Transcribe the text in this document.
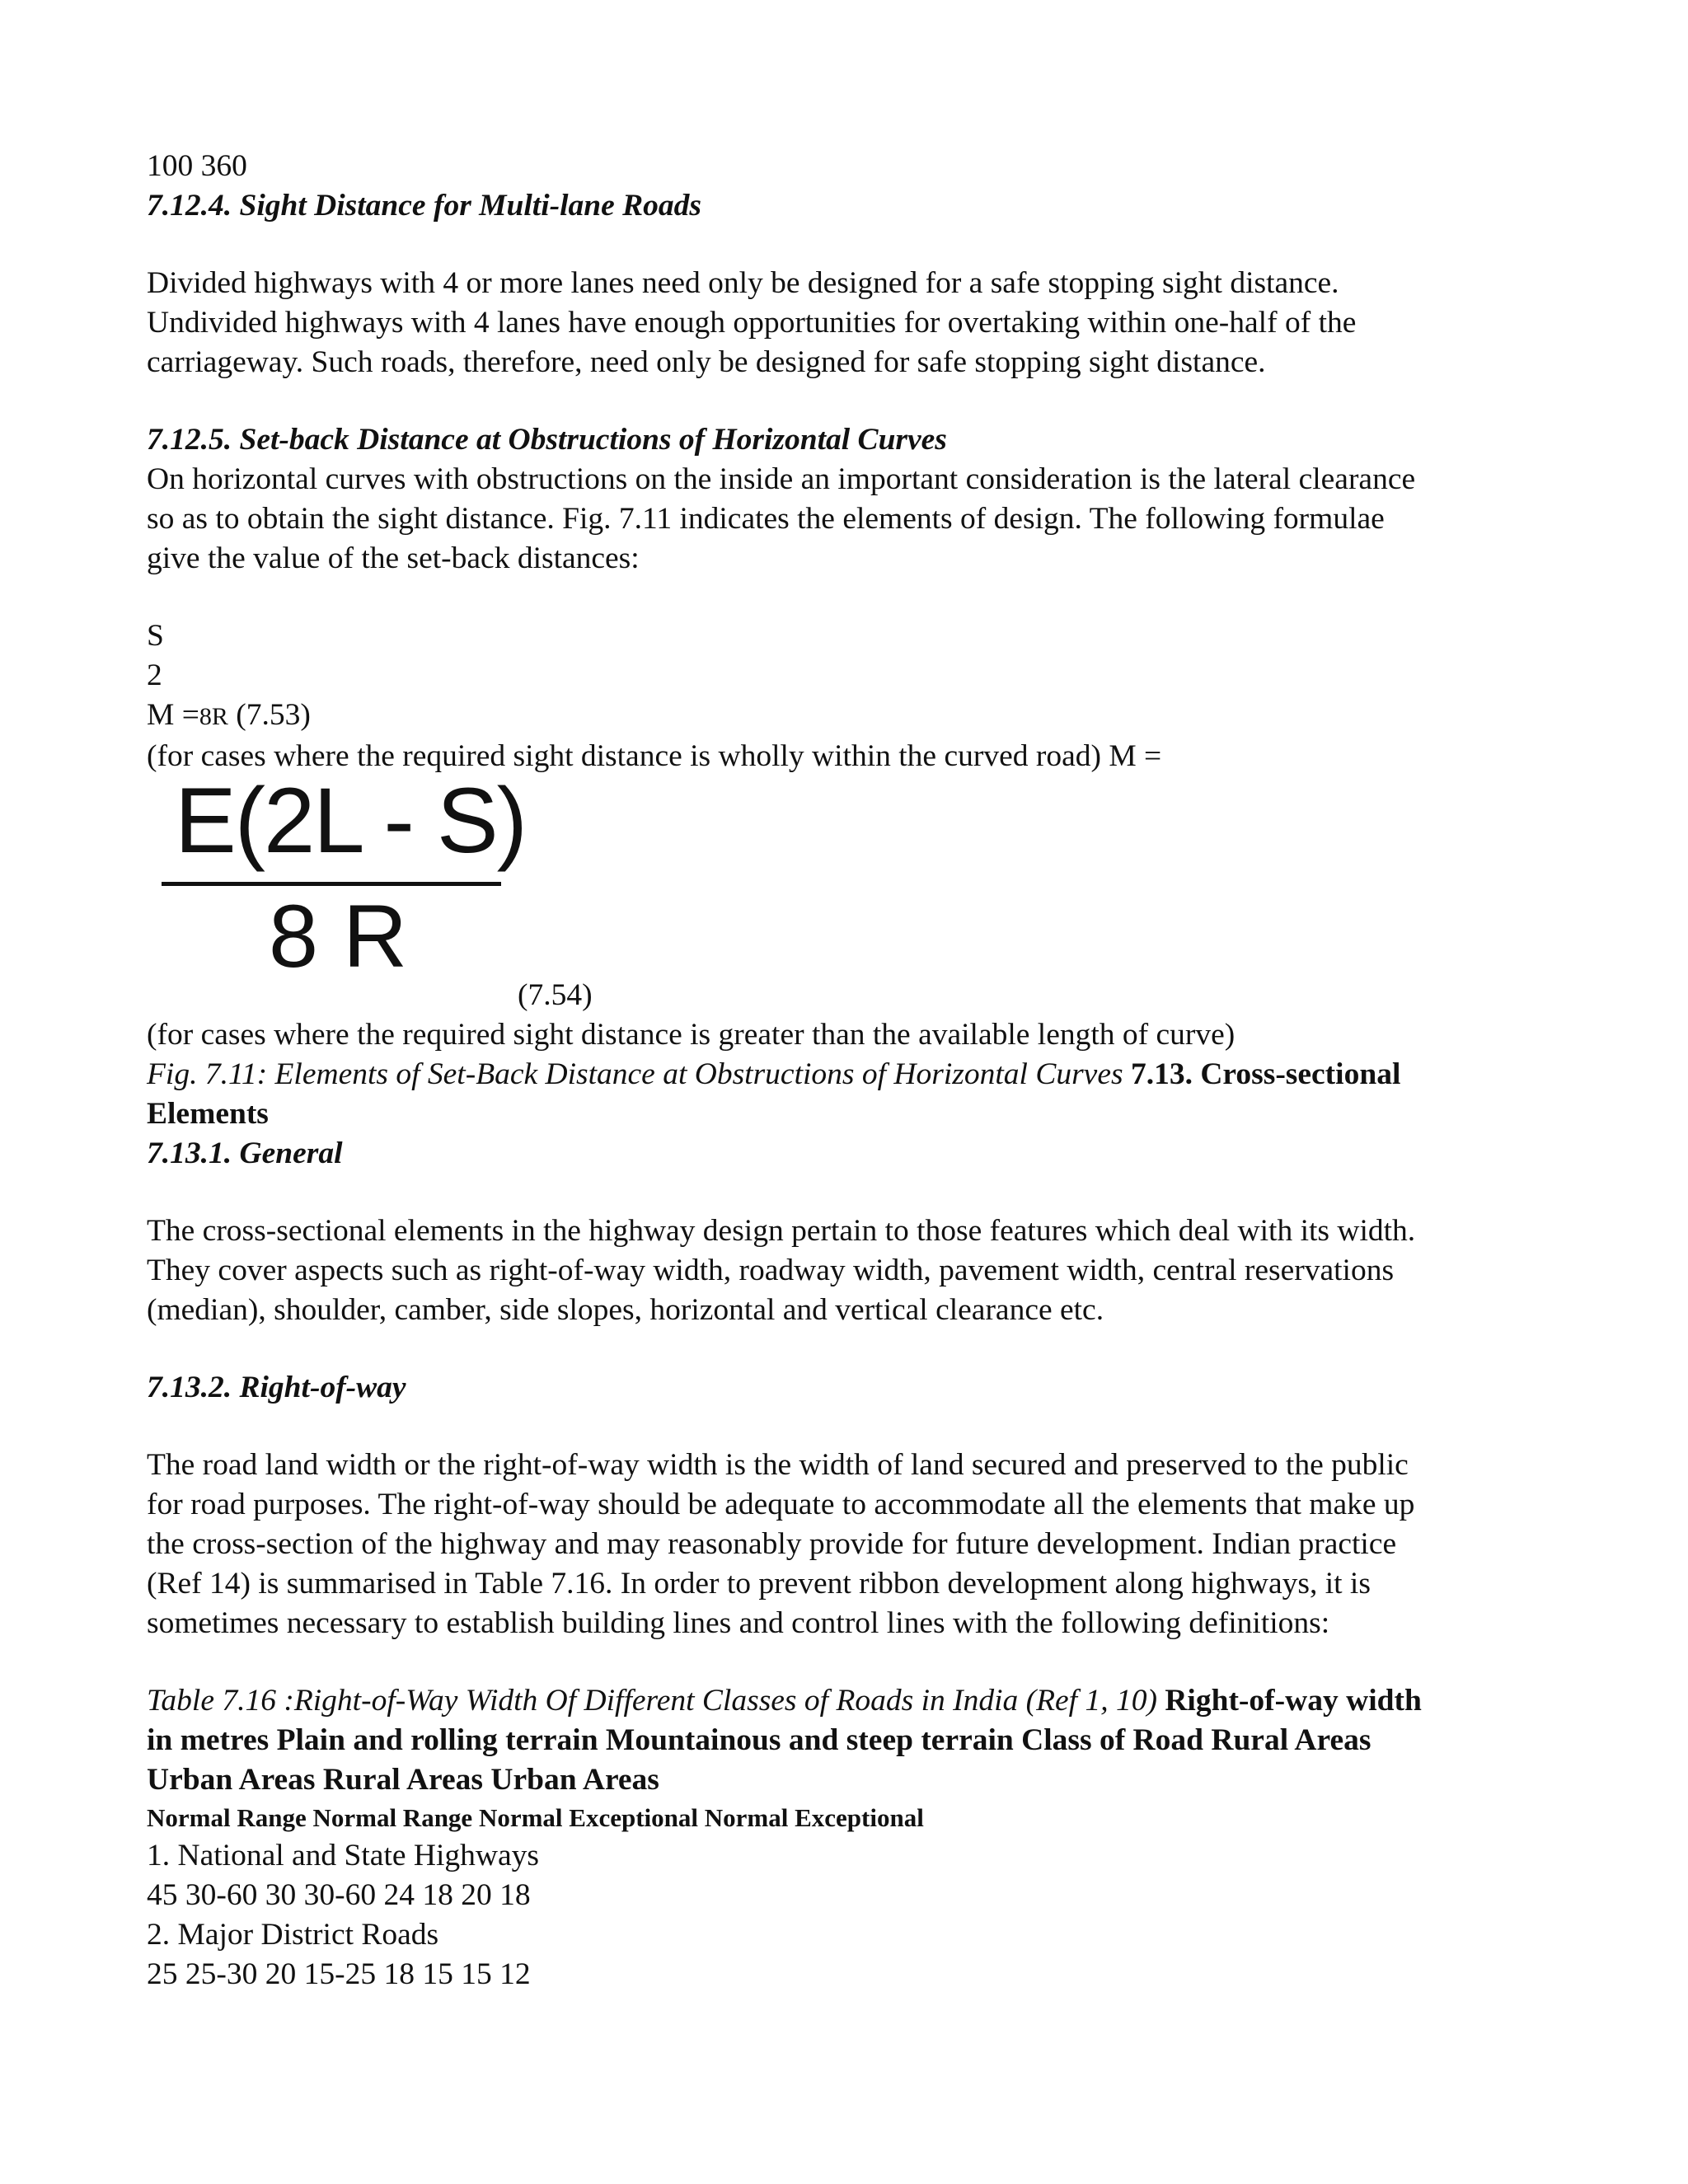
100 360
7.12.4. Sight Distance for Multi-lane Roads
Divided highways with 4 or more lanes need only be designed for a safe stopping sight distance.
Undivided highways with 4 lanes have enough opportunities for overtaking within one-half of the
carriageway. Such roads, therefore, need only be designed for safe stopping sight distance.
7.12.5. Set-back Distance at Obstructions of Horizontal Curves
On horizontal curves with obstructions on the inside an important consideration is the lateral clearance
so as to obtain the sight distance. Fig. 7.11 indicates the elements of design. The following formulae
give the value of the set-back distances:
S
2
M =8R (7.53)
(for cases where the required sight distance is wholly within the curved road) M =
E(2L - S)
8 R
(7.54)
(for cases where the required sight distance is greater than the available length of curve)
Fig. 7.11: Elements of Set-Back Distance at Obstructions of Horizontal Curves 7.13. Cross-sectional
Elements
7.13.1. General
The cross-sectional elements in the highway design pertain to those features which deal with its width.
They cover aspects such as right-of-way width, roadway width, pavement width, central reservations
(median), shoulder, camber, side slopes, horizontal and vertical clearance etc.
7.13.2. Right-of-way
The road land width or the right-of-way width is the width of land secured and preserved to the public
for road purposes. The right-of-way should be adequate to accommodate all the elements that make up
the cross-section of the highway and may reasonably provide for future development. Indian practice
(Ref 14) is summarised in Table 7.16. In order to prevent ribbon development along highways, it is
sometimes necessary to establish building lines and control lines with the following definitions:
Table 7.16 :Right-of-Way Width Of Different Classes of Roads in India (Ref 1, 10) Right-of-way width
in metres Plain and rolling terrain Mountainous and steep terrain Class of Road Rural Areas
Urban Areas Rural Areas Urban Areas
Normal Range Normal Range Normal Exceptional Normal Exceptional
1. National and State Highways
45 30-60 30 30-60 24 18 20 18
2. Major District Roads
25 25-30 20 15-25 18 15 15 12
